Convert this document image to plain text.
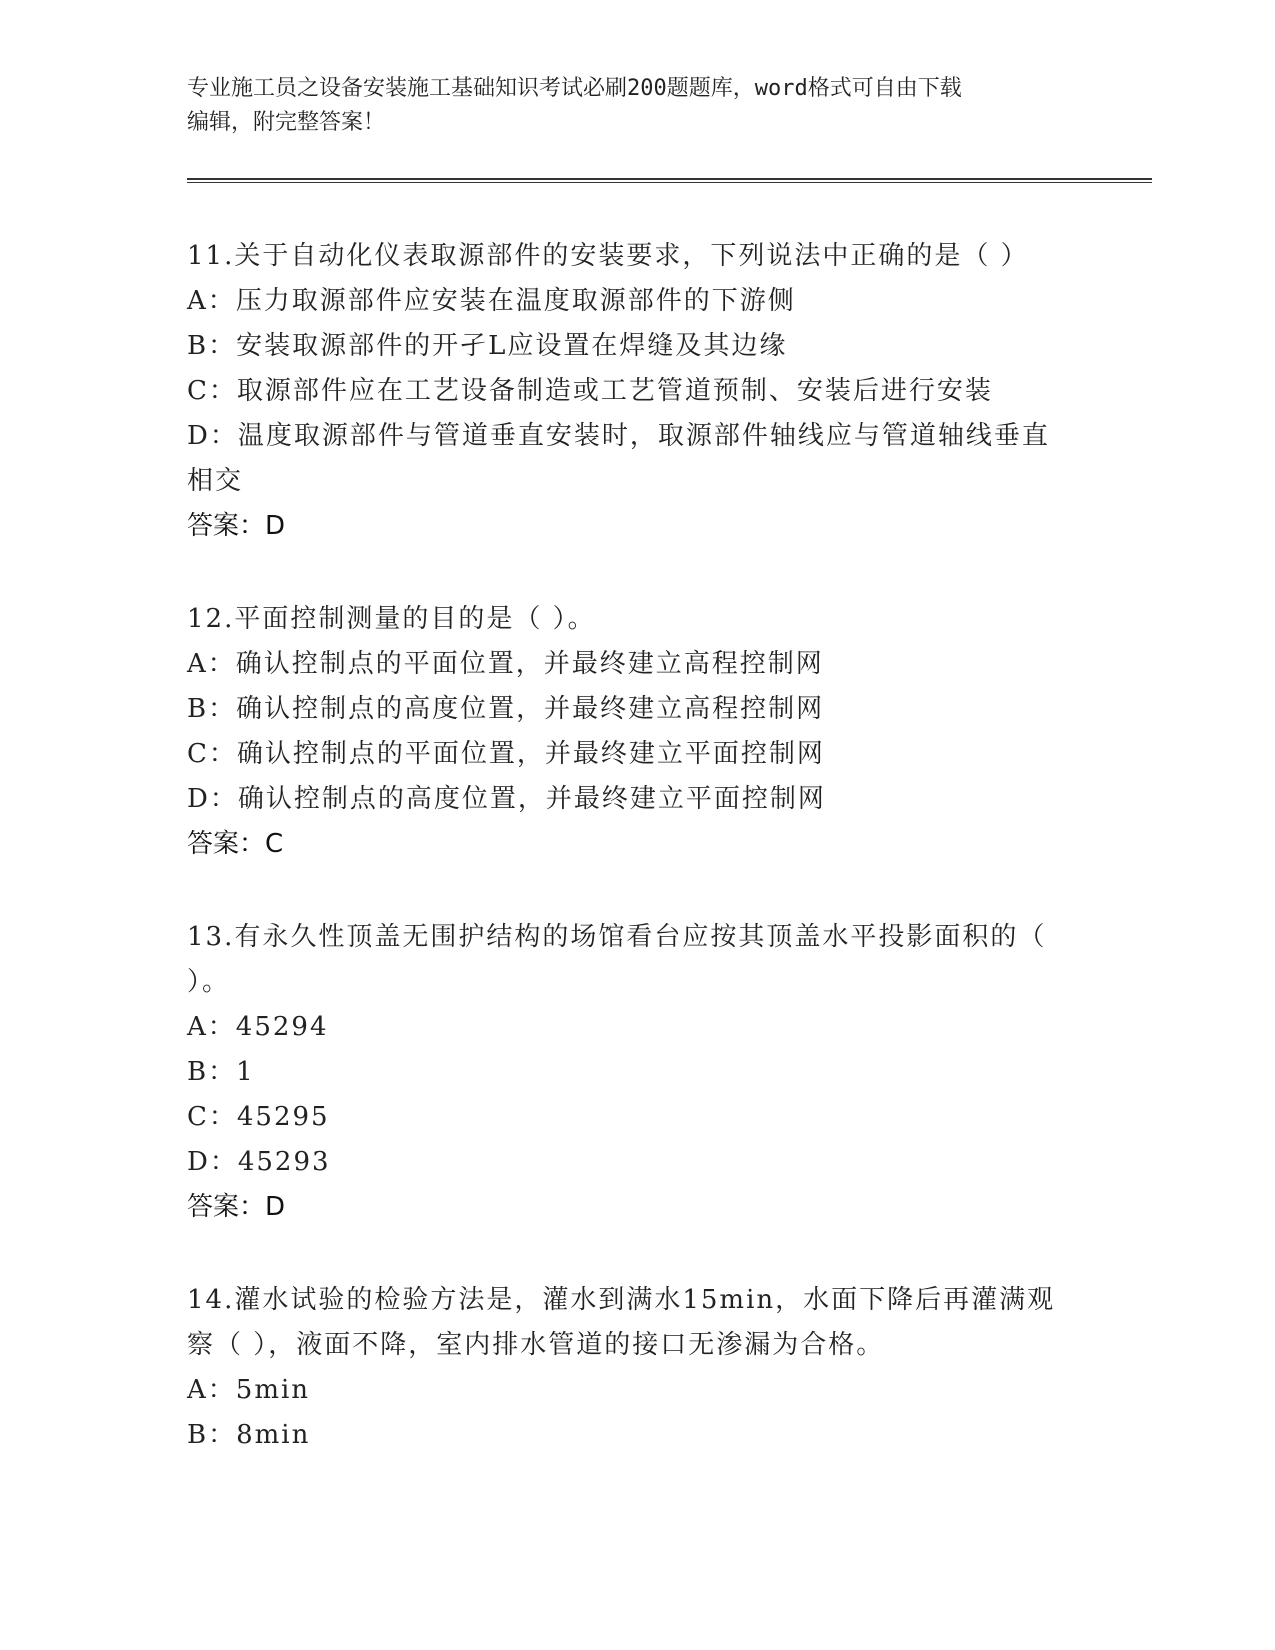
专业施工员之设备安装施工基础知识考试必刷200题题库，word格式可自由下载
编辑，附完整答案！
11.关于自动化仪表取源部件的安装要求，下列说法中正确的是（ ）
A：压力取源部件应安装在温度取源部件的下游侧
B：安装取源部件的开孑L应设置在焊缝及其边缘
C：取源部件应在工艺设备制造或工艺管道预制、安装后进行安装
D：温度取源部件与管道垂直安装时，取源部件轴线应与管道轴线垂直
相交
答案：D
12.平面控制测量的目的是（ ）。
A：确认控制点的平面位置，并最终建立高程控制网
B：确认控制点的高度位置，并最终建立高程控制网
C：确认控制点的平面位置，并最终建立平面控制网
D：确认控制点的高度位置，并最终建立平面控制网
答案：C
13.有永久性顶盖无围护结构的场馆看台应按其顶盖水平投影面积的（
）。
A：45294
B：1
C：45295
D：45293
答案：D
14.灌水试验的检验方法是，灌水到满水15min，水面下降后再灌满观
察（ ），液面不降，室内排水管道的接口无渗漏为合格。
A：5min
B：8min
